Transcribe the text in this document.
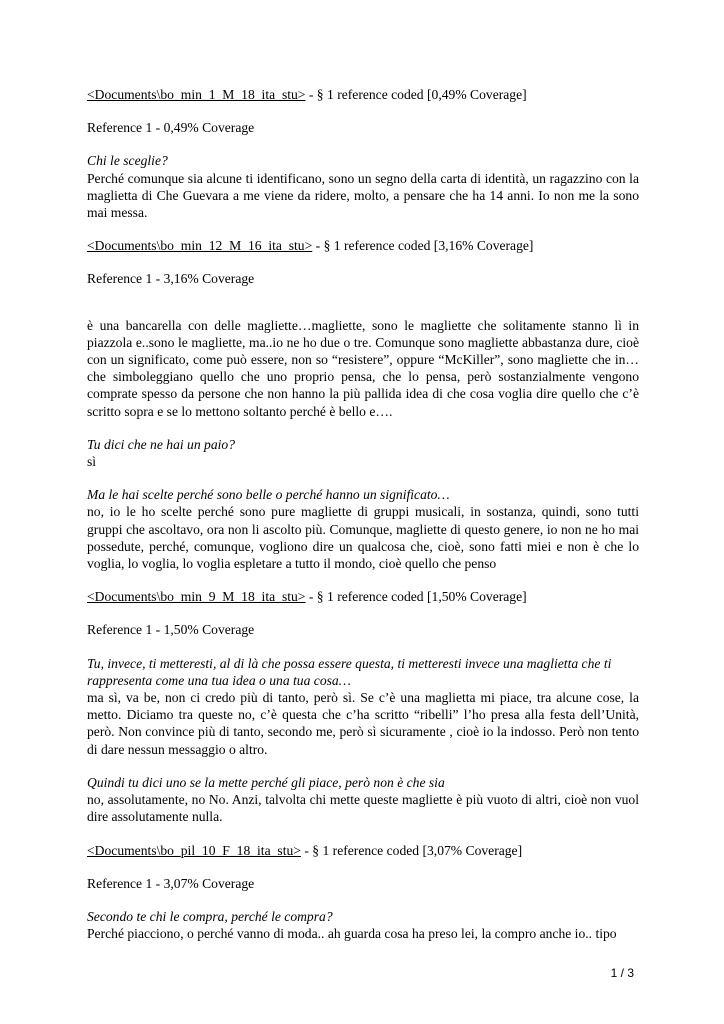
<Documents\bo_min_1_M_18_ita_stu> - § 1 reference coded [0,49% Coverage]

Reference 1 - 0,49% Coverage

Chi le sceglie?
Perché comunque sia alcune ti identificano, sono un segno della carta di identità, un ragazzino con la maglietta di Che Guevara a me viene da ridere, molto, a pensare che ha 14 anni. Io non me la sono mai messa.

<Documents\bo_min_12_M_16_ita_stu> - § 1 reference coded [3,16% Coverage]

Reference 1 - 3,16% Coverage

è una bancarella con delle magliette…magliette, sono le magliette che solitamente stanno lì in piazzola e..sono le magliette, ma..io ne ho due o tre. Comunque sono magliette abbastanza dure, cioè con un significato, come può essere, non so “resistere”, oppure “McKiller”, sono magliette che in…che simboleggiano quello che uno proprio pensa, che lo pensa, però sostanzialmente vengono comprate spesso da persone che non hanno la più pallida idea di che cosa voglia dire quello che c’è scritto sopra e se lo mettono soltanto perché è bello e….
Tu dici che ne hai un paio?
sì
Ma le hai scelte perché sono belle o perché hanno un significato…
no, io le ho scelte perché sono pure magliette di gruppi musicali, in sostanza, quindi, sono tutti gruppi che ascoltavo, ora non li ascolto più. Comunque, magliette di questo genere, io non ne ho mai possedute, perché, comunque, vogliono dire un qualcosa che, cioè, sono fatti miei e non è che lo voglia, lo voglia, lo voglia espletare a tutto il mondo, cioè quello che penso

<Documents\bo_min_9_M_18_ita_stu> - § 1 reference coded [1,50% Coverage]

Reference 1 - 1,50% Coverage

Tu, invece, ti metteresti, al di là che possa essere questa, ti metteresti invece una maglietta che ti rappresenta come una tua idea o una tua cosa…
ma sì, va be, non ci credo più di tanto, però sì. Se c’è una maglietta mi piace, tra alcune cose, la metto. Diciamo tra queste no, c’è questa che c’ha scritto “ribelli” l’ho presa alla festa dell’Unità, però. Non convince più di tanto, secondo me, però sì sicuramente , cioè io la indosso. Però non tento di dare nessun messaggio o altro.
Quindi tu dici uno se la mette perché gli piace, però non è che sia
no, assolutamente, no No. Anzi, talvolta chi mette queste magliette è più vuoto di altri, cioè non vuol dire assolutamente nulla.

<Documents\bo_pil_10_F_18_ita_stu> - § 1 reference coded [3,07% Coverage]

Reference 1 - 3,07% Coverage

Secondo te chi le compra, perché le compra?
Perché piacciono, o perché vanno di moda.. ah guarda cosa ha preso lei, la compro anche io.. tipo
1 / 3
